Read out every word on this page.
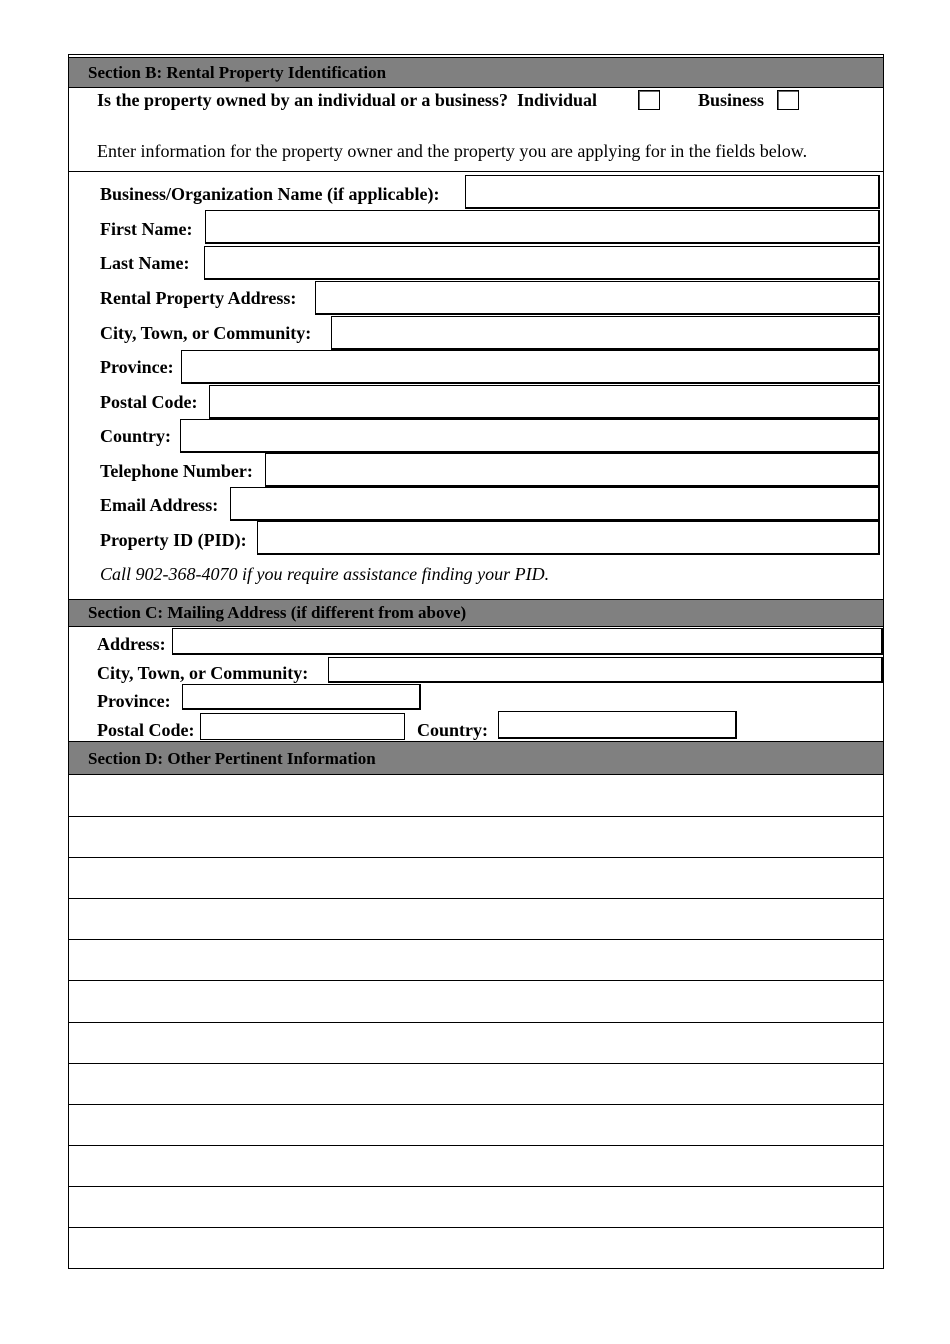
Section B: Rental Property Identification
Is the property owned by an individual or a business? Individual	Business
Enter information for the property owner and the property you are applying for in the fields below.
Business/Organization Name (if applicable):
First Name:
Last Name:
Rental Property Address:
City, Town, or Community:
Province:
Postal Code:
Country:
Telephone Number:
Email Address:
Property ID (PID):
Call 902-368-4070 if you require assistance finding your PID.
Section C: Mailing Address (if different from above)
Address:
City, Town, or Community:
Province:
Postal Code:	Country:
Section D: Other Pertinent Information
